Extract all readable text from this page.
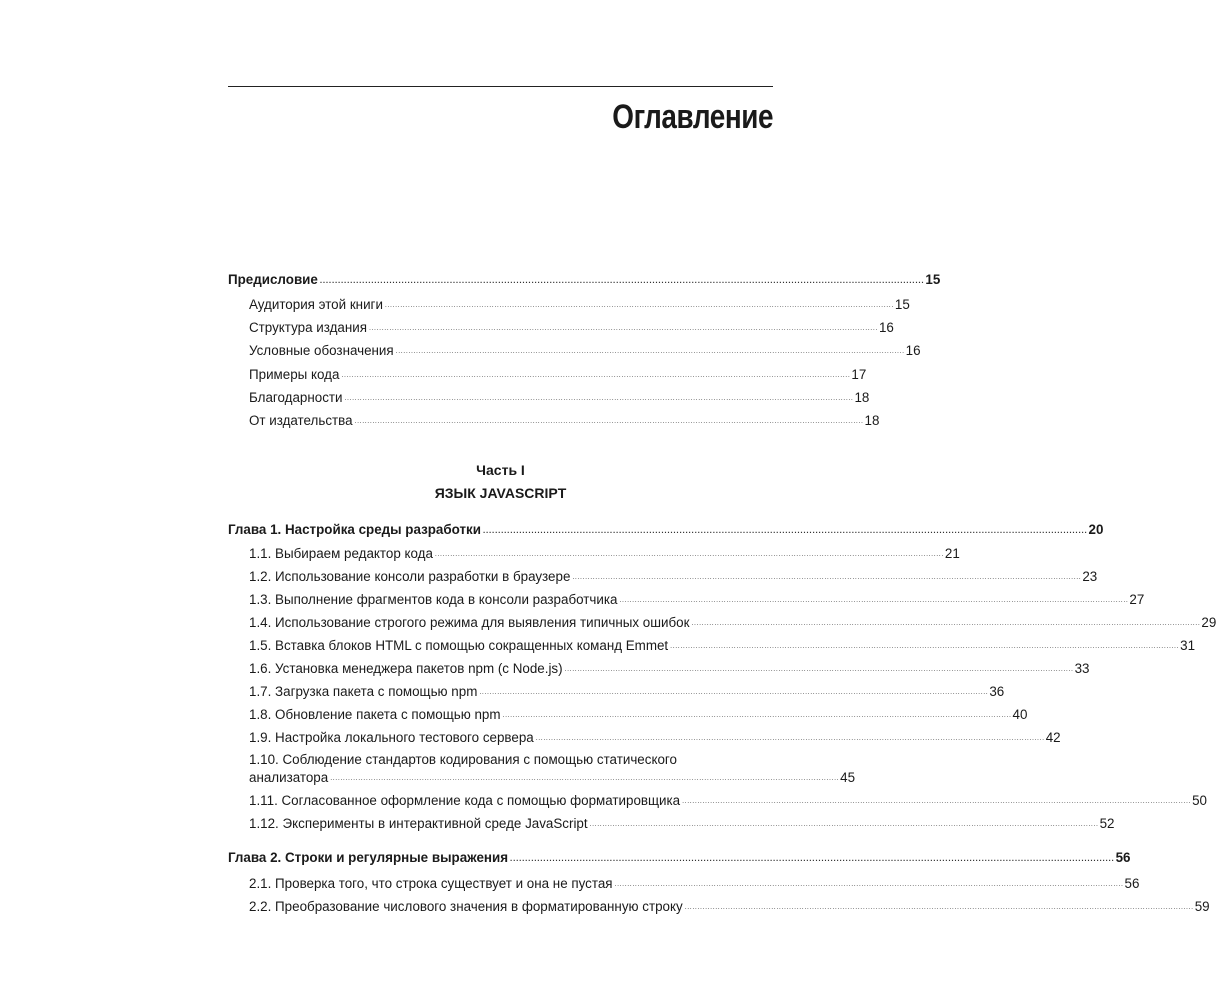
Оглавление
Предисловие ........................................................................................................................................................................................................ 15
Аудитория этой книги ........................................................................................................................................................................................................ 15
Структура издания ........................................................................................................................................................................................................ 16
Условные обозначения ........................................................................................................................................................................................................ 16
Примеры кода ........................................................................................................................................................................................................ 17
Благодарности ........................................................................................................................................................................................................ 18
От издательства ........................................................................................................................................................................................................ 18
Часть I
ЯЗЫК JAVASCRIPT
Глава 1. Настройка среды разработки ........................................................................................................................................................................................................ 20
1.1. Выбираем редактор кода ........................................................................................................................................................................................................ 21
1.2. Использование консоли разработки в браузере ........................................................................................................................................................................................................ 23
1.3. Выполнение фрагментов кода в консоли разработчика ........................................................................................................................................................................................................ 27
1.4. Использование строгого режима для выявления типичных ошибок ........................................................................................................................................................................................................ 29
1.5. Вставка блоков HTML с помощью сокращенных команд Emmet ........................................................................................................................................................................................................ 31
1.6. Установка менеджера пакетов npm (с Node.js) ........................................................................................................................................................................................................ 33
1.7. Загрузка пакета с помощью npm ........................................................................................................................................................................................................ 36
1.8. Обновление пакета с помощью npm ........................................................................................................................................................................................................ 40
1.9. Настройка локального тестового сервера ........................................................................................................................................................................................................ 42
1.10. Соблюдение стандартов кодирования с помощью статического
анализатора ........................................................................................................................................................................................................ 45
1.11. Согласованное оформление кода с помощью форматировщика ........................................................................................................................................................................................................ 50
1.12. Эксперименты в интерактивной среде JavaScript ........................................................................................................................................................................................................ 52
Глава 2. Строки и регулярные выражения ........................................................................................................................................................................................................ 56
2.1. Проверка того, что строка существует и она не пустая ........................................................................................................................................................................................................ 56
2.2. Преобразование числового значения в форматированную строку ........................................................................................................................................................................................................ 59
